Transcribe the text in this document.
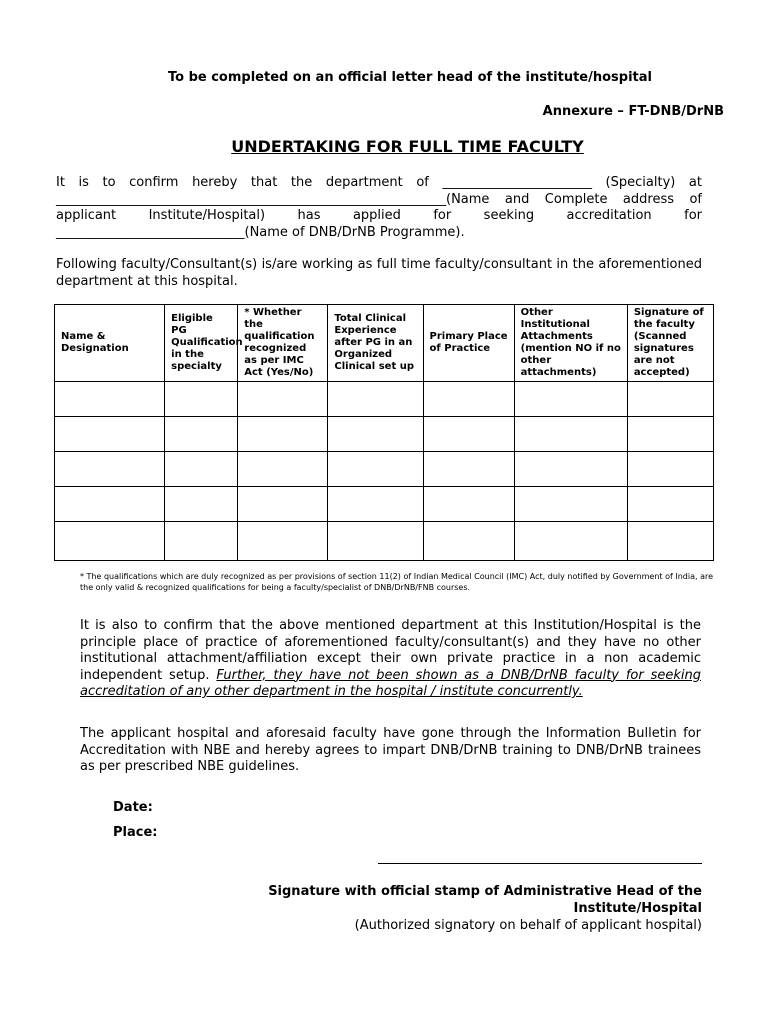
To be completed on an official letter head of the institute/hospital
Annexure – FT-DNB/DrNB
UNDERTAKING FOR FULL TIME FACULTY
It is to confirm hereby that the department of _______________________ (Specialty) at ____________________________________________________________(Name and Complete address of applicant Institute/Hospital) has applied for seeking accreditation for _____________________________(Name of DNB/DrNB Programme).
Following faculty/Consultant(s) is/are working as full time faculty/consultant in the aforementioned department at this hospital.
Name & Designation	Eligible PG Qualification in the specialty	* Whether the qualification recognized as per IMC Act (Yes/No)	Total Clinical Experience after PG in an Organized Clinical set up	Primary Place of Practice	Other Institutional Attachments (mention NO if no other attachments)	Signature of the faculty (Scanned signatures are not accepted)

* The qualifications which are duly recognized as per provisions of section 11(2) of Indian Medical Council (IMC) Act, duly notified by Government of India, are the only valid & recognized qualifications for being a faculty/specialist of DNB/DrNB/FNB courses.
It is also to confirm that the above mentioned department at this Institution/Hospital is the principle place of practice of aforementioned faculty/consultant(s) and they have no other institutional attachment/affiliation except their own private practice in a non academic independent setup. Further, they have not been shown as a DNB/DrNB faculty for seeking accreditation of any other department in the hospital / institute concurrently.
The applicant hospital and aforesaid faculty have gone through the Information Bulletin for Accreditation with NBE and hereby agrees to impart DNB/DrNB training to DNB/DrNB trainees as per prescribed NBE guidelines.
Date:
Place:
Signature with official stamp of Administrative Head of the Institute/Hospital
(Authorized signatory on behalf of applicant hospital)
